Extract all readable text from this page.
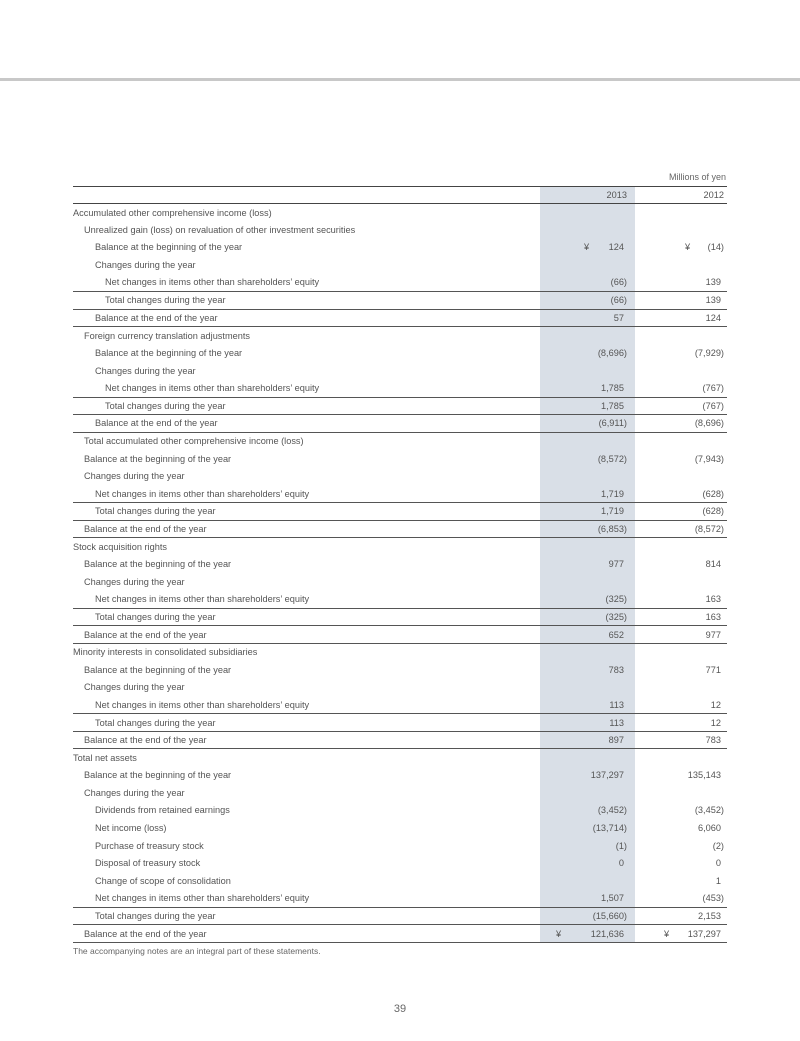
Millions of yen
	2013	2012
Accumulated other comprehensive income (loss)		
Unrealized gain (loss) on revaluation of other investment securities		
Balance at the beginning of the year	¥ 124	¥ (14)
Changes during the year		
Net changes in items other than shareholders’ equity	(66)	139
Total changes during the year	(66)	139
Balance at the end of the year	57	124
Foreign currency translation adjustments		
Balance at the beginning of the year	(8,696)	(7,929)
Changes during the year		
Net changes in items other than shareholders’ equity	1,785	(767)
Total changes during the year	1,785	(767)
Balance at the end of the year	(6,911)	(8,696)
Total accumulated other comprehensive income (loss)		
Balance at the beginning of the year	(8,572)	(7,943)
Changes during the year		
Net changes in items other than shareholders’ equity	1,719	(628)
Total changes during the year	1,719	(628)
Balance at the end of the year	(6,853)	(8,572)
Stock acquisition rights		
Balance at the beginning of the year	977	814
Changes during the year		
Net changes in items other than shareholders’ equity	(325)	163
Total changes during the year	(325)	163
Balance at the end of the year	652	977
Minority interests in consolidated subsidiaries		
Balance at the beginning of the year	783	771
Changes during the year		
Net changes in items other than shareholders’ equity	113	12
Total changes during the year	113	12
Balance at the end of the year	897	783
Total net assets		
Balance at the beginning of the year	137,297	135,143
Changes during the year		
Dividends from retained earnings	(3,452)	(3,452)
Net income (loss)	(13,714)	6,060
Purchase of treasury stock	(1)	(2)
Disposal of treasury stock	0	0
Change of scope of consolidation		1
Net changes in items other than shareholders’ equity	1,507	(453)
Total changes during the year	(15,660)	2,153
Balance at the end of the year	¥ 121,636	¥ 137,297
The accompanying notes are an integral part of these statements.
39
